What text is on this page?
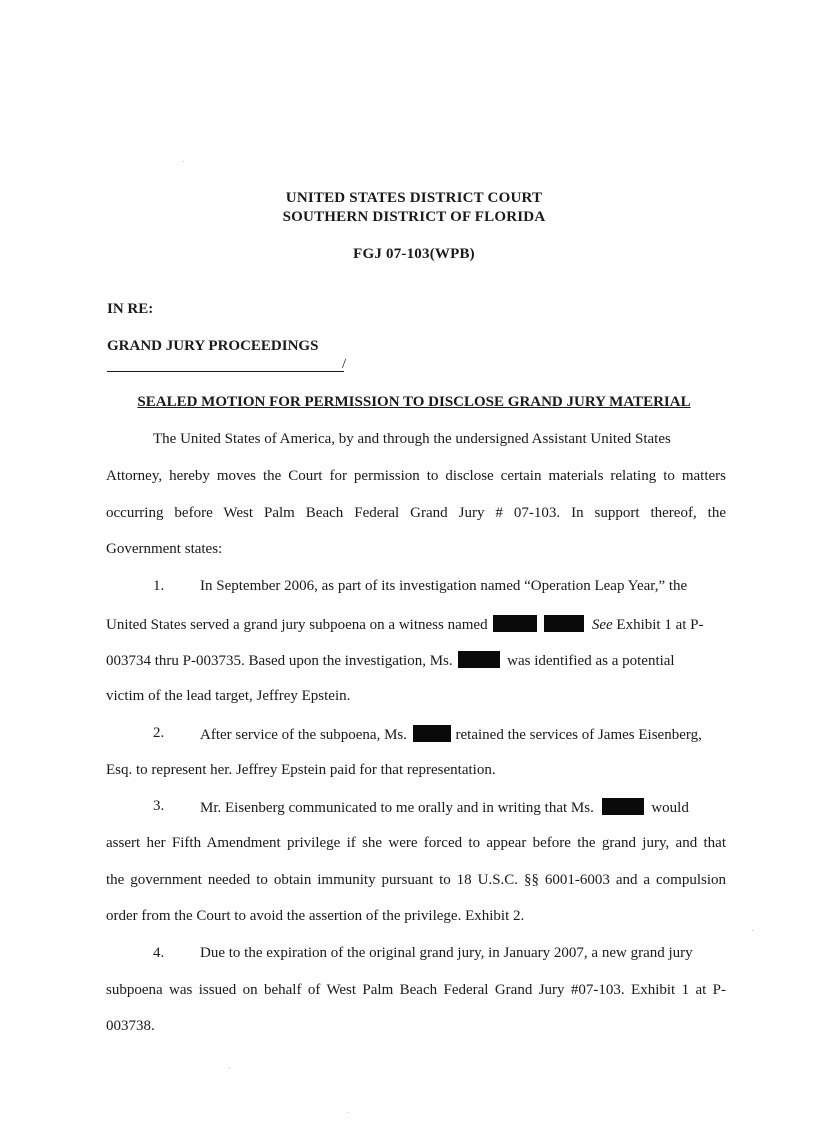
UNITED STATES DISTRICT COURT
SOUTHERN DISTRICT OF FLORIDA
FGJ 07-103(WPB)
IN RE:
GRAND JURY PROCEEDINGS
/
SEALED MOTION FOR PERMISSION TO DISCLOSE GRAND JURY MATERIAL
The United States of America, by and through the undersigned Assistant United States
Attorney, hereby moves the Court for permission to disclose certain materials relating to matters
occurring before West Palm Beach Federal Grand Jury # 07-103. In support thereof, the
Government states:
1. In September 2006, as part of its investigation named “Operation Leap Year,” the
United States served a grand jury subpoena on a witness named	See Exhibit 1 at P-
003734 thru P-003735. Based upon the investigation, Ms.	was identified as a potential
victim of the lead target, Jeffrey Epstein.
2. After service of the subpoena, Ms.	retained the services of James Eisenberg,
Esq. to represent her. Jeffrey Epstein paid for that representation.
3. Mr. Eisenberg communicated to me orally and in writing that Ms.	would
assert her Fifth Amendment privilege if she were forced to appear before the grand jury, and that
the government needed to obtain immunity pursuant to 18 U.S.C. §§ 6001-6003 and a compulsion
order from the Court to avoid the assertion of the privilege. Exhibit 2.
4. Due to the expiration of the original grand jury, in January 2007, a new grand jury
subpoena was issued on behalf of West Palm Beach Federal Grand Jury #07-103. Exhibit 1 at P-
003738.
